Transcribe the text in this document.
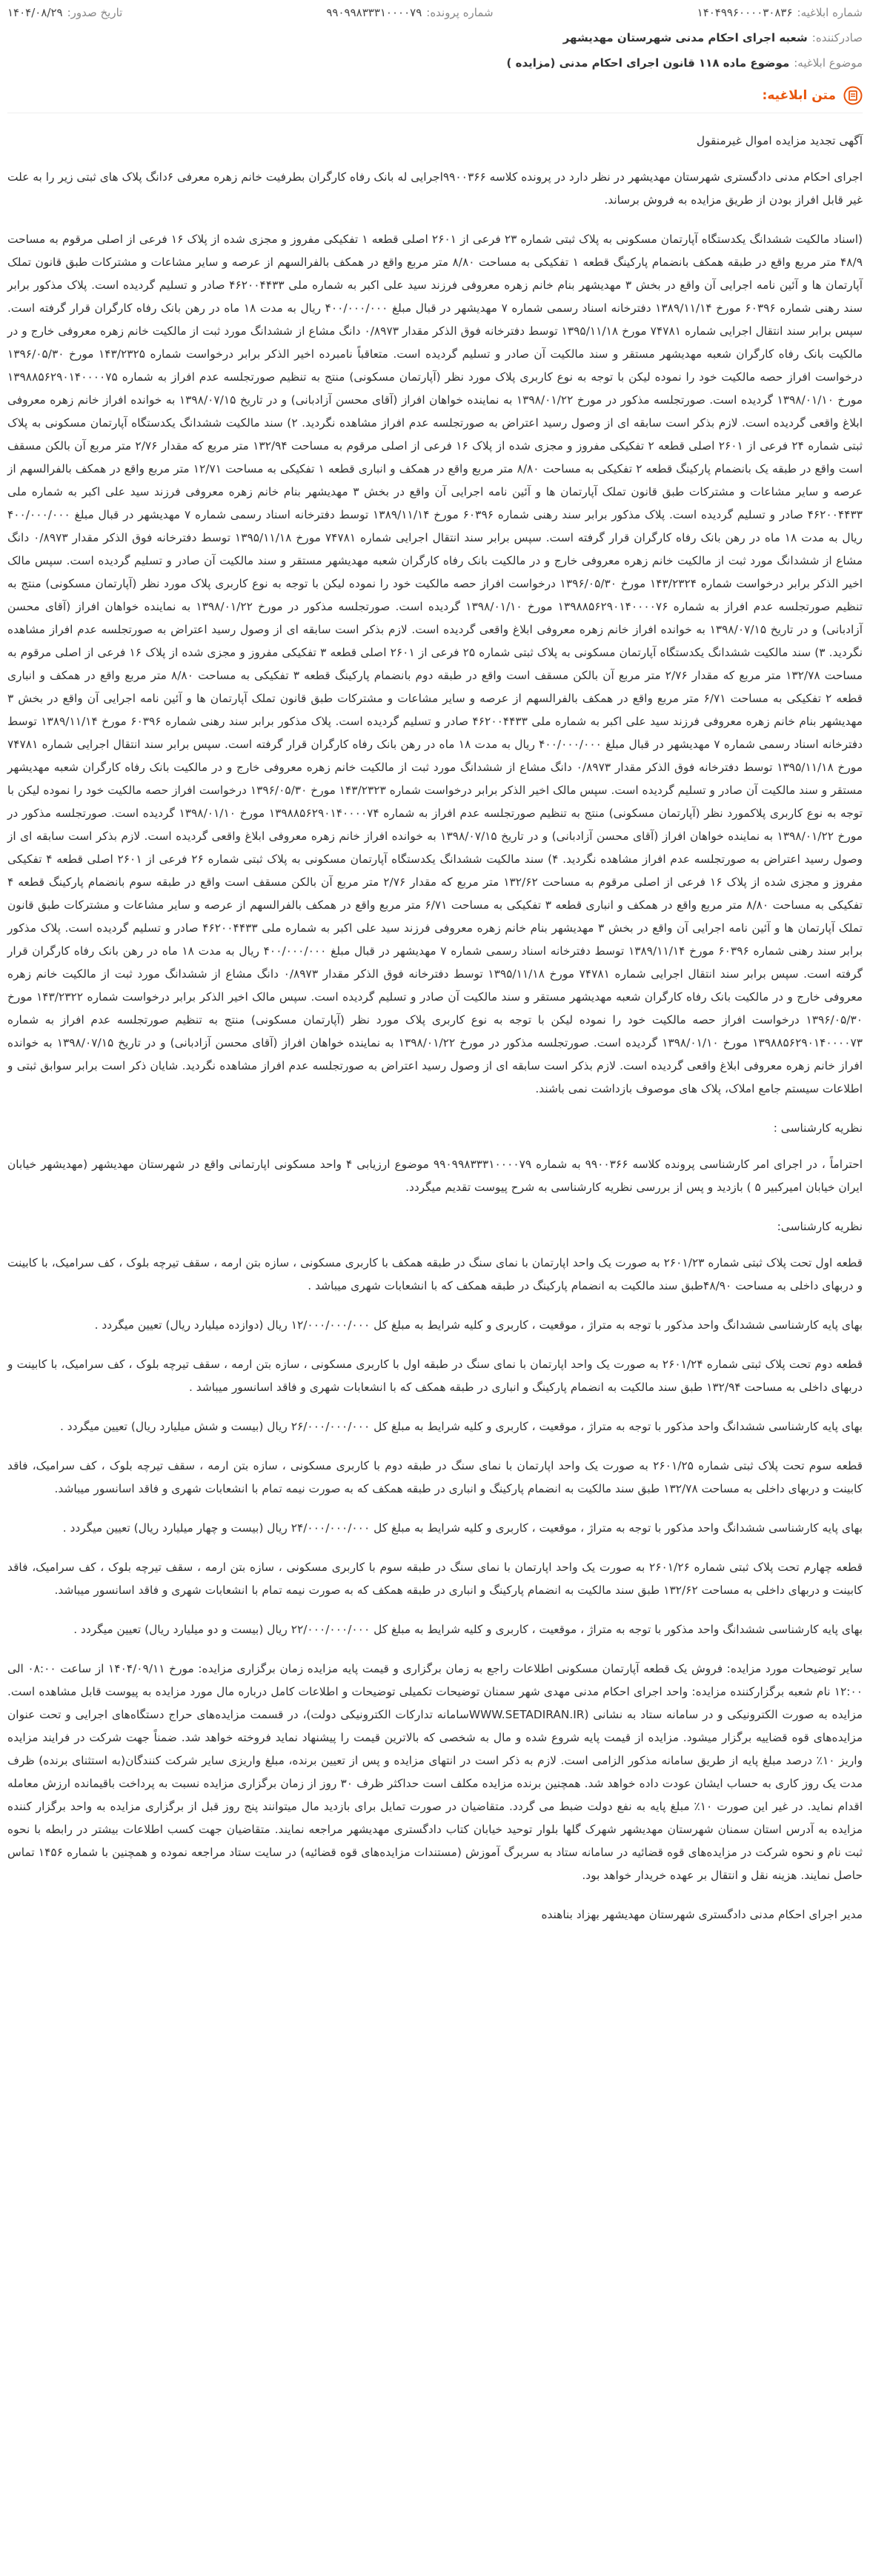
شماره ابلاغیه:
۱۴۰۴۹۹۶۰۰۰۰۳۰۸۳۶
شماره پرونده:
۹۹۰۹۹۸۳۳۳۱۰۰۰۰۷۹
تاریخ صدور:
۱۴۰۴/۰۸/۲۹
صادرکننده:
شعبه اجرای احکام مدنی شهرستان مهدیشهر
موضوع ابلاغیه:
موضوع ماده ۱۱۸ قانون اجرای احکام مدنی (مزایده )
متن ابلاغیه:

آگهی تجدید مزایده اموال غیرمنقول

اجرای احکام مدنی دادگستری شهرستان مهدیشهر در نظر دارد در پرونده کلاسه ۹۹۰۰۳۶۶اجرایی له بانک رفاه کارگران بطرفیت خانم زهره معرفی ۶دانگ پلاک های ثبتی زیر را به علت غیر قابل افراز بودن از طریق مزایده به فروش برساند.

(اسناد مالکیت ششدانگ یکدستگاه آپارتمان مسکونی به پلاک ثبتی شماره ۲۳ فرعی از ۲۶۰۱ اصلی قطعه ۱ تفکیکی مفروز و مجزی شده از پلاک ۱۶ فرعی از اصلی مرقوم به مساحت ۴۸/۹ متر مربع واقع در طبقه همکف بانضمام پارکینگ قطعه ۱ تفکیکی به مساحت ۸/۸۰ متر مربع واقع در همکف بالفرالسهم از عرصه و سایر مشاعات و مشترکات طبق قانون تملک آپارتمان ها و آئین نامه اجرایی آن واقع در بخش ۳ مهدیشهر بنام خانم زهره معروفی فرزند سید علی اکبر به شماره ملی ۴۶۲۰۰۴۴۳۳ صادر و تسلیم گردیده است. پلاک مذکور برابر سند رهنی شماره ۶۰۳۹۶ مورخ ۱۳۸۹/۱۱/۱۴ دفترخانه اسناد رسمی شماره ۷ مهدیشهر در قبال مبلغ ۴۰۰/۰۰۰/۰۰۰ ریال به مدت ۱۸ ماه در رهن بانک رفاه کارگران قرار گرفته است. سپس برابر سند انتقال اجرایی شماره ۷۴۷۸۱ مورخ ۱۳۹۵/۱۱/۱۸ توسط دفترخانه فوق الذکر مقدار ۰/۸۹۷۳ دانگ مشاع از ششدانگ مورد ثبت از مالکیت خانم زهره معروفی خارج و در مالکیت بانک رفاه کارگران شعبه مهدیشهر مستقر و سند مالکیت آن صادر و تسلیم گردیده است. متعاقباً نامبرده اخیر الذکر برابر درخواست شماره ۱۴۳/۲۳۲۵ مورخ ۱۳۹۶/۰۵/۳۰ درخواست افراز حصه مالکیت خود را نموده لیکن با توجه به نوع کاربری پلاک مورد نظر (آپارتمان مسکونی) منتج به تنظیم صورتجلسه عدم افراز به شماره ۱۳۹۸۸۵۶۲۹۰۱۴۰۰۰۰۷۵ مورخ ۱۳۹۸/۰۱/۱۰ گردیده است. صورتجلسه مذکور در مورخ ۱۳۹۸/۰۱/۲۲ به نماینده خواهان افراز (آقای محسن آزادبانی) و در تاریخ ۱۳۹۸/۰۷/۱۵ به خوانده افراز خانم زهره معروفی ابلاغ واقعی گردیده است. لازم بذکر است سابقه ای از وصول رسید اعتراض به صورتجلسه عدم افراز مشاهده نگردید. ۲) سند مالکیت ششدانگ یکدستگاه آپارتمان مسکونی به پلاک ثبتی شماره ۲۴ فرعی از ۲۶۰۱ اصلی قطعه ۲ تفکیکی مفروز و مجزی شده از پلاک ۱۶ فرعی از اصلی مرقوم به مساحت ۱۳۲/۹۴ متر مربع که مقدار ۲/۷۶ متر مربع آن بالکن مسقف است واقع در طبقه یک بانضمام پارکینگ قطعه ۲ تفکیکی به مساحت ۸/۸۰ متر مربع واقع در همکف و انباری قطعه ۱ تفکیکی به مساحت ۱۲/۷۱ متر مربع واقع در همکف بالفرالسهم از عرصه و سایر مشاعات و مشترکات طبق قانون تملک آپارتمان ها و آئین نامه اجرایی آن واقع در بخش ۳ مهدیشهر بنام خانم زهره معروفی فرزند سید علی اکبر به شماره ملی ۴۶۲۰۰۴۴۳۳ صادر و تسلیم گردیده است. پلاک مذکور برابر سند رهنی شماره ۶۰۳۹۶ مورخ ۱۳۸۹/۱۱/۱۴ توسط دفترخانه اسناد رسمی شماره ۷ مهدیشهر در قبال مبلغ ۴۰۰/۰۰۰/۰۰۰ ریال به مدت ۱۸ ماه در رهن بانک رفاه کارگران قرار گرفته است. سپس برابر سند انتقال اجرایی شماره ۷۴۷۸۱ مورخ ۱۳۹۵/۱۱/۱۸ توسط دفترخانه فوق الذکر مقدار ۰/۸۹۷۳ دانگ مشاع از ششدانگ مورد ثبت از مالکیت خانم زهره معروفی خارج و در مالکیت بانک رفاه کارگران شعبه مهدیشهر مستقر و سند مالکیت آن صادر و تسلیم گردیده است. سپس مالک اخیر الذکر برابر درخواست شماره ۱۴۳/۲۳۲۴ مورخ ۱۳۹۶/۰۵/۳۰ درخواست افراز حصه مالکیت خود را نموده لیکن با توجه به نوع کاربری پلاک مورد نظر (آپارتمان مسکونی) منتج به تنظیم صورتجلسه عدم افراز به شماره ۱۳۹۸۸۵۶۲۹۰۱۴۰۰۰۰۷۶ مورخ ۱۳۹۸/۰۱/۱۰ گردیده است. صورتجلسه مذکور در مورخ ۱۳۹۸/۰۱/۲۲ به نماینده خواهان افراز (آقای محسن آزادبانی) و در تاریخ ۱۳۹۸/۰۷/۱۵ به خوانده افراز خانم زهره معروفی ابلاغ واقعی گردیده است. لازم بذکر است سابقه ای از وصول رسید اعتراض به صورتجلسه عدم افراز مشاهده نگردید. ۳) سند مالکیت ششدانگ یکدستگاه آپارتمان مسکونی به پلاک ثبتی شماره ۲۵ فرعی از ۲۶۰۱ اصلی قطعه ۳ تفکیکی مفروز و مجزی شده از پلاک ۱۶ فرعی از اصلی مرقوم به مساحت ۱۳۲/۷۸ متر مربع که مقدار ۲/۷۶ متر مربع آن بالکن مسقف است واقع در طبقه دوم بانضمام پارکینگ قطعه ۳ تفکیکی به مساحت ۸/۸۰ متر مربع واقع در همکف و انباری قطعه ۲ تفکیکی به مساحت ۶/۷۱ متر مربع واقع در همکف بالفرالسهم از عرصه و سایر مشاعات و مشترکات طبق قانون تملک آپارتمان ها و آئین نامه اجرایی آن واقع در بخش ۳ مهدیشهر بنام خانم زهره معروفی فرزند سید علی اکبر به شماره ملی ۴۶۲۰۰۴۴۳۳ صادر و تسلیم گردیده است. پلاک مذکور برابر سند رهنی شماره ۶۰۳۹۶ مورخ ۱۳۸۹/۱۱/۱۴ توسط دفترخانه اسناد رسمی شماره ۷ مهدیشهر در قبال مبلغ ۴۰۰/۰۰۰/۰۰۰ ریال به مدت ۱۸ ماه در رهن بانک رفاه کارگران قرار گرفته است. سپس برابر سند انتقال اجرایی شماره ۷۴۷۸۱ مورخ ۱۳۹۵/۱۱/۱۸ توسط دفترخانه فوق الذکر مقدار ۰/۸۹۷۳ دانگ مشاع از ششدانگ مورد ثبت از مالکیت خانم زهره معروفی خارج و در مالکیت بانک رفاه کارگران شعبه مهدیشهر مستقر و سند مالکیت آن صادر و تسلیم گردیده است. سپس مالک اخیر الذکر برابر درخواست شماره ۱۴۳/۲۳۲۳ مورخ ۱۳۹۶/۰۵/۳۰ درخواست افراز حصه مالکیت خود را نموده لیکن با توجه به نوع کاربری پلاکمورد نظر (آپارتمان مسکونی) منتج به تنظیم صورتجلسه عدم افراز به شماره ۱۳۹۸۸۵۶۲۹۰۱۴۰۰۰۰۷۴ مورخ ۱۳۹۸/۰۱/۱۰ گردیده است. صورتجلسه مذکور در مورخ ۱۳۹۸/۰۱/۲۲ به نماینده خواهان افراز (آقای محسن آزادبانی) و در تاریخ ۱۳۹۸/۰۷/۱۵ به خوانده افراز خانم زهره معروفی ابلاغ واقعی گردیده است. لازم بذکر است سابقه ای از وصول رسید اعتراض به صورتجلسه عدم افراز مشاهده نگردید. ۴) سند مالکیت ششدانگ یکدستگاه آپارتمان مسکونی به پلاک ثبتی شماره ۲۶ فرعی از ۲۶۰۱ اصلی قطعه ۴ تفکیکی مفروز و مجزی شده از پلاک ۱۶ فرعی از اصلی مرقوم به مساحت ۱۳۲/۶۲ متر مربع که مقدار ۲/۷۶ متر مربع آن بالکن مسقف است واقع در طبقه سوم بانضمام پارکینگ قطعه ۴ تفکیکی به مساحت ۸/۸۰ متر مربع واقع در همکف و انباری قطعه ۳ تفکیکی به مساحت ۶/۷۱ متر مربع واقع در همکف بالفرالسهم از عرصه و سایر مشاعات و مشترکات طبق قانون تملک آپارتمان ها و آئین نامه اجرایی آن واقع در بخش ۳ مهدیشهر بنام خانم زهره معروفی فرزند سید علی اکبر به شماره ملی ۴۶۲۰۰۴۴۳۳ صادر و تسلیم گردیده است. پلاک مذکور برابر سند رهنی شماره ۶۰۳۹۶ مورخ ۱۳۸۹/۱۱/۱۴ توسط دفترخانه اسناد رسمی شماره ۷ مهدیشهر در قبال مبلغ ۴۰۰/۰۰۰/۰۰۰ ریال به مدت ۱۸ ماه در رهن بانک رفاه کارگران قرار گرفته است. سپس برابر سند انتقال اجرایی شماره ۷۴۷۸۱ مورخ ۱۳۹۵/۱۱/۱۸ توسط دفترخانه فوق الذکر مقدار ۰/۸۹۷۳ دانگ مشاع از ششدانگ مورد ثبت از مالکیت خانم زهره معروفی خارج و در مالکیت بانک رفاه کارگران شعبه مهدیشهر مستقر و سند مالکیت آن صادر و تسلیم گردیده است. سپس مالک اخیر الذکر برابر درخواست شماره ۱۴۳/۲۳۲۲ مورخ ۱۳۹۶/۰۵/۳۰ درخواست افراز حصه مالکیت خود را نموده لیکن با توجه به نوع کاربری پلاک مورد نظر (آپارتمان مسکونی) منتج به تنظیم صورتجلسه عدم افراز به شماره ۱۳۹۸۸۵۶۲۹۰۱۴۰۰۰۰۷۳ مورخ ۱۳۹۸/۰۱/۱۰ گردیده است. صورتجلسه مذکور در مورخ ۱۳۹۸/۰۱/۲۲ به نماینده خواهان افراز (آقای محسن آزادبانی) و در تاریخ ۱۳۹۸/۰۷/۱۵ به خوانده افراز خانم زهره معروفی ابلاغ واقعی گردیده است. لازم بذکر است سابقه ای از وصول رسید اعتراض به صورتجلسه عدم افراز مشاهده نگردید. شایان ذکر است برابر سوابق ثبتی و اطلاعات سیستم جامع املاک، پلاک های موصوف بازداشت نمی باشند.

نظریه کارشناسی :

احتراماً ، در اجرای امر کارشناسی پرونده کلاسه ۹۹۰۰۳۶۶ به شماره ۹۹۰۹۹۸۳۳۳۱۰۰۰۰۷۹ موضوع ارزیابی ۴ واحد مسکونی اپارتمانی واقع در شهرستان مهدیشهر (مهدیشهر خیابان ایران خیابان امیرکبیر ۵ ) بازدید و پس از بررسی نظریه کارشناسی به شرح پیوست تقدیم میگردد.

نظریه کارشناسی:

قطعه اول تحت پلاک ثبتی شماره ۲۶۰۱/۲۳ به صورت یک واحد اپارتمان با نمای سنگ در طبقه همکف با کاربری مسکونی ، سازه بتن ارمه ، سقف تیرچه بلوک ، کف سرامیک، با کابینت و دربهای داخلی به مساحت ۴۸/۹۰طبق سند مالکیت به انضمام پارکینگ در طبقه همکف که با انشعابات شهری میباشد .

بهای پایه کارشناسی ششدانگ واحد مذکور با توجه به متراژ ، موقعیت ، کاربری و کلیه شرایط به مبلغ کل ۱۲/۰۰۰/۰۰۰/۰۰۰ ریال (دوازده میلیارد ریال) تعیین میگردد .

قطعه دوم تحت پلاک ثبتی شماره ۲۶۰۱/۲۴ به صورت یک واحد اپارتمان با نمای سنگ در طبقه اول با کاربری مسکونی ، سازه بتن ارمه ، سقف تیرچه بلوک ، کف سرامیک، با کابینت و دربهای داخلی به مساحت ۱۳۲/۹۴ طبق سند مالکیت به انضمام پارکینگ و انباری در طبقه همکف که با انشعابات شهری و فاقد اسانسور میباشد .

بهای پایه کارشناسی ششدانگ واحد مذکور با توجه به متراژ ، موقعیت ، کاربری و کلیه شرایط به مبلغ کل ۲۶/۰۰۰/۰۰۰/۰۰۰ ریال (بیست و شش میلیارد ریال) تعیین میگردد .

قطعه سوم تحت پلاک ثبتی شماره ۲۶۰۱/۲۵ به صورت یک واحد اپارتمان با نمای سنگ در طبقه دوم با کاربری مسکونی ، سازه بتن ارمه ، سقف تیرچه بلوک ، کف سرامیک، فاقد کابینت و دربهای داخلی به مساحت ۱۳۲/۷۸ طبق سند مالکیت به انضمام پارکینگ و انباری در طبقه همکف که به صورت نیمه تمام با انشعابات شهری و فاقد اسانسور میباشد.

بهای پایه کارشناسی ششدانگ واحد مذکور با توجه به متراژ ، موقعیت ، کاربری و کلیه شرایط به مبلغ کل ۲۴/۰۰۰/۰۰۰/۰۰۰ ریال (بیست و چهار میلیارد ریال) تعیین میگردد .

قطعه چهارم تحت پلاک ثبتی شماره ۲۶۰۱/۲۶ به صورت یک واحد اپارتمان با نمای سنگ در طبقه سوم با کاربری مسکونی ، سازه بتن ارمه ، سقف تیرچه بلوک ، کف سرامیک، فاقد کابینت و دربهای داخلی به مساحت ۱۳۲/۶۲ طبق سند مالکیت به انضمام پارکینگ و انباری در طبقه همکف که به صورت نیمه تمام با انشعابات شهری و فاقد اسانسور میباشد.

بهای پایه کارشناسی ششدانگ واحد مذکور با توجه به متراژ ، موقعیت ، کاربری و کلیه شرایط به مبلغ کل ۲۲/۰۰۰/۰۰۰/۰۰۰ ریال (بیست و دو میلیارد ریال) تعیین میگردد .

سایر توضیحات مورد مزایده: فروش یک قطعه آپارتمان مسکونی اطلاعات راجع به زمان برگزاری و قیمت پایه مزایده زمان برگزاری مزایده: مورخ ۱۴۰۴/۰۹/۱۱ از ساعت ۰۸:۰۰ الی ۱۲:۰۰ نام شعبه برگزارکننده مزایده: واحد اجرای احکام مدنی مهدی شهر سمنان توضیحات تکمیلی توضیحات و اطلاعات کامل درباره مال مورد مزایده به پیوست قابل مشاهده است. مزایده به صورت الکترونیکی و در سامانه ستاد به نشانی (WWW.SETADIRAN.IRسامانه تدارکات الکترونیکی دولت)، در قسمت مزایده‌های حراج دستگاه‌های اجرایی و تحت عنوان مزایده‌های قوه قضاییه برگزار میشود. مزایده از قیمت پایه شروع شده و مال به شخصی که بالاترین قیمت را پیشنهاد نماید فروخته خواهد شد. ضمناً جهت شرکت در فرایند مزایده واریز ۱۰٪ درصد مبلغ پایه از طریق سامانه مذکور الزامی است. لازم به ذکر است در انتهای مزایده و پس از تعیین برنده، مبلغ واریزی سایر شرکت کنندگان(به استثنای برنده) ظرف مدت یک روز کاری به حساب ایشان عودت داده خواهد شد. همچنین برنده مزایده مکلف است حداکثر ظرف ۳۰ روز از زمان برگزاری مزایده نسبت به پرداخت باقیمانده ارزش معامله اقدام نماید. در غیر این صورت ۱۰٪ مبلغ پایه به نفع دولت ضبط می گردد. متقاضیان در صورت تمایل برای بازدید مال میتوانند پنج روز قبل از برگزاری مزایده به واحد برگزار کننده مزایده به آدرس استان سمنان شهرستان مهدیشهر شهرک گلها بلوار توحید خیابان کتاب دادگستری مهدیشهر مراجعه نمایند. متقاضیان جهت کسب اطلاعات بیشتر در رابطه با نحوه ثبت نام و نحوه شرکت در مزایده‌های قوه قضائیه در سامانه ستاد به سربرگ آموزش (مستندات مزایده‌های قوه قضائیه) در سایت ستاد مراجعه نموده و همچنین با شماره ۱۴۵۶ تماس حاصل نمایند. هزینه نقل و انتقال بر عهده خریدار خواهد بود.

مدیر اجرای احکام مدنی دادگستری شهرستان مهدیشهر بهزاد بناهنده
